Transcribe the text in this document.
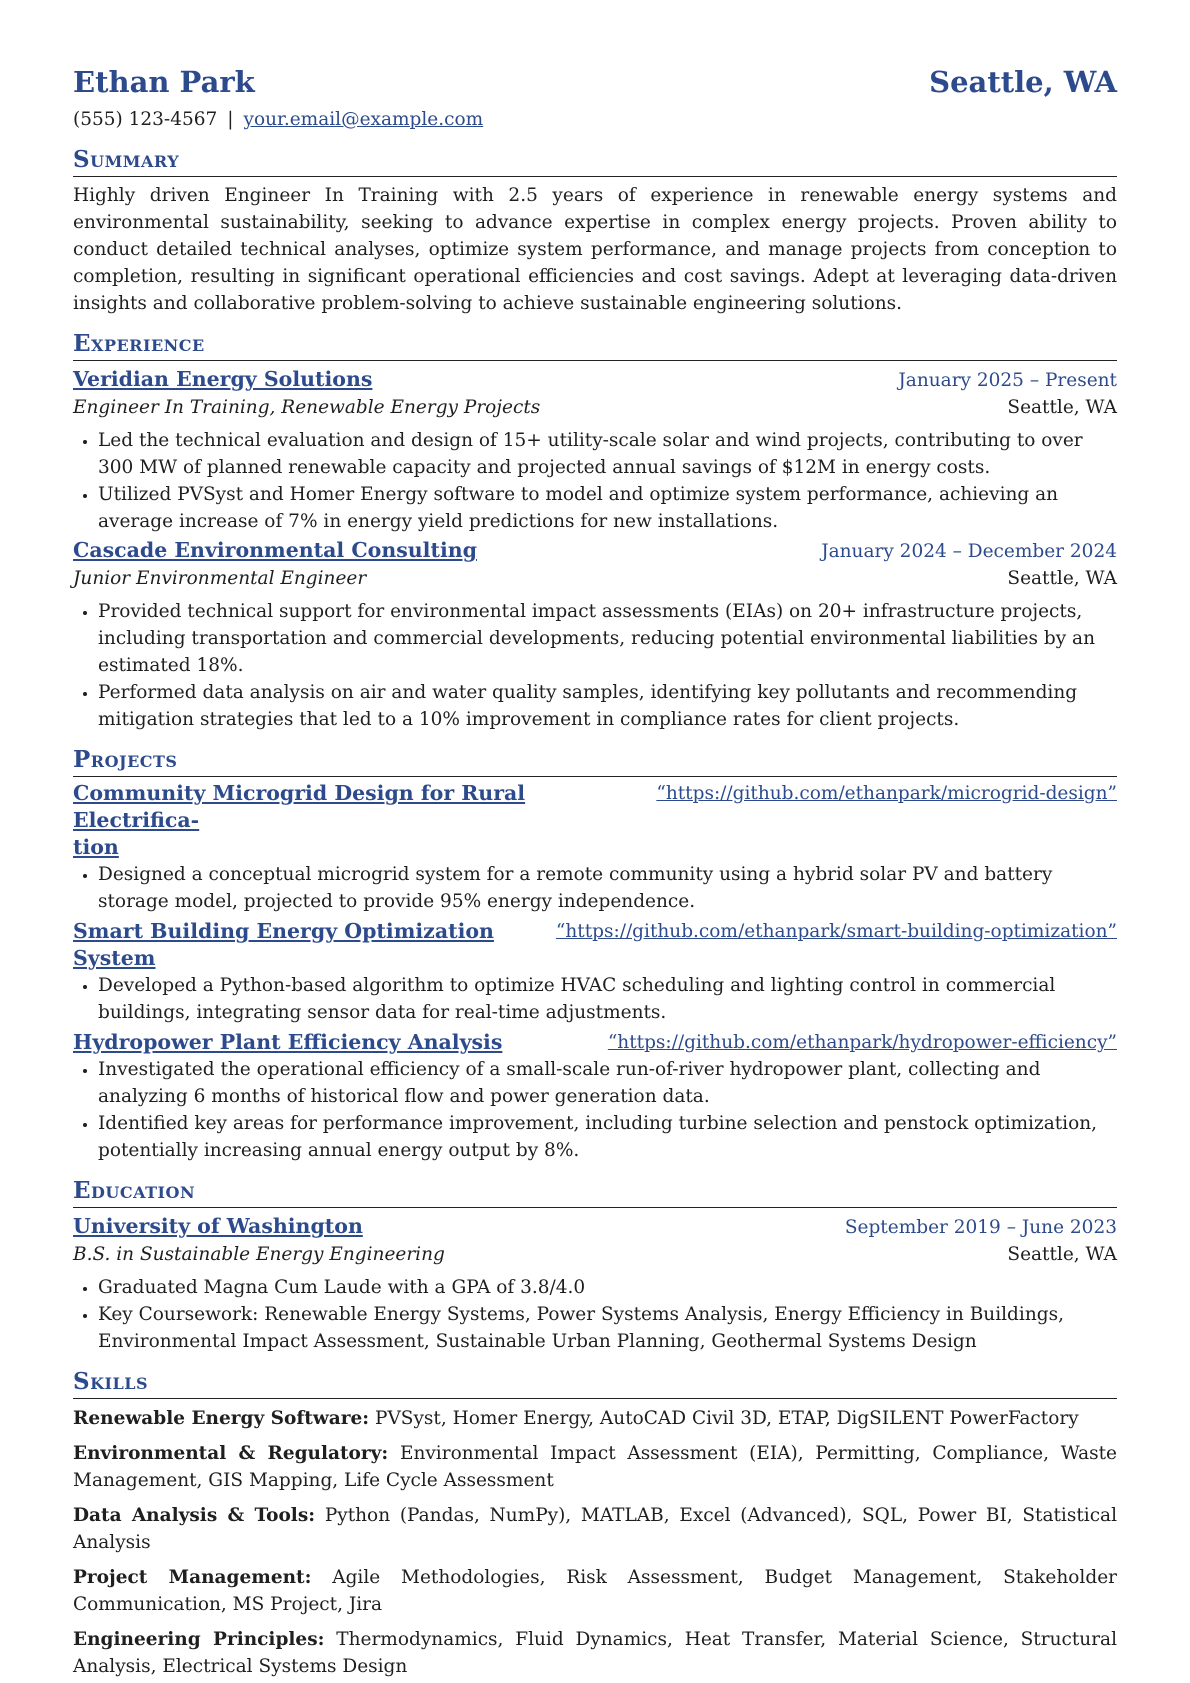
Ethan Park	Seattle, WA
(555) 123-4567 | your.email@example.com
Summary
Highly driven Engineer In Training with 2.5 years of experience in renewable energy systems and environmental sustainability, seeking to advance expertise in complex energy projects. Proven ability to conduct detailed technical analyses, optimize system performance, and manage projects from conception to completion, resulting in significant operational efficiencies and cost savings. Adept at leveraging data-driven insights and collaborative problem-solving to achieve sustainable engineering solutions.
Experience
Veridian Energy Solutions	January 2025 – Present
Engineer In Training, Renewable Energy Projects	Seattle, WA
• Led the technical evaluation and design of 15+ utility-scale solar and wind projects, contributing to over 300 MW of planned renewable capacity and projected annual savings of $12M in energy costs.
• Utilized PVSyst and Homer Energy software to model and optimize system performance, achieving an average increase of 7% in energy yield predictions for new installations.
Cascade Environmental Consulting	January 2024 – December 2024
Junior Environmental Engineer	Seattle, WA
• Provided technical support for environmental impact assessments (EIAs) on 20+ infrastructure projects, including transportation and commercial developments, reducing potential environmental liabilities by an estimated 18%.
• Performed data analysis on air and water quality samples, identifying key pollutants and recommending mitigation strategies that led to a 10% improvement in compliance rates for client projects.
Projects
Community Microgrid Design for Rural Electrifica-
tion
“https://github.com/ethanpark/microgrid-design”
• Designed a conceptual microgrid system for a remote community using a hybrid solar PV and battery storage model, projected to provide 95% energy independence.
Smart Building Energy Optimization System
“https://github.com/ethanpark/smart-building-optimization”
• Developed a Python-based algorithm to optimize HVAC scheduling and lighting control in commercial buildings, integrating sensor data for real-time adjustments.
Hydropower Plant Efficiency Analysis	“https://github.com/ethanpark/hydropower-efficiency”
• Investigated the operational efficiency of a small-scale run-of-river hydropower plant, collecting and analyzing 6 months of historical flow and power generation data.
• Identified key areas for performance improvement, including turbine selection and penstock optimization, potentially increasing annual energy output by 8%.
Education
University of Washington	September 2019 – June 2023
B.S. in Sustainable Energy Engineering	Seattle, WA
• Graduated Magna Cum Laude with a GPA of 3.8/4.0
• Key Coursework: Renewable Energy Systems, Power Systems Analysis, Energy Efficiency in Buildings, Environmental Impact Assessment, Sustainable Urban Planning, Geothermal Systems Design
Skills
Renewable Energy Software: PVSyst, Homer Energy, AutoCAD Civil 3D, ETAP, DigSILENT PowerFactory
Environmental & Regulatory: Environmental Impact Assessment (EIA), Permitting, Compliance, Waste Management, GIS Mapping, Life Cycle Assessment
Data Analysis & Tools: Python (Pandas, NumPy), MATLAB, Excel (Advanced), SQL, Power BI, Statistical Analysis
Project Management: Agile Methodologies, Risk Assessment, Budget Management, Stakeholder Communication, MS Project, Jira
Engineering Principles: Thermodynamics, Fluid Dynamics, Heat Transfer, Material Science, Structural Analysis, Electrical Systems Design
